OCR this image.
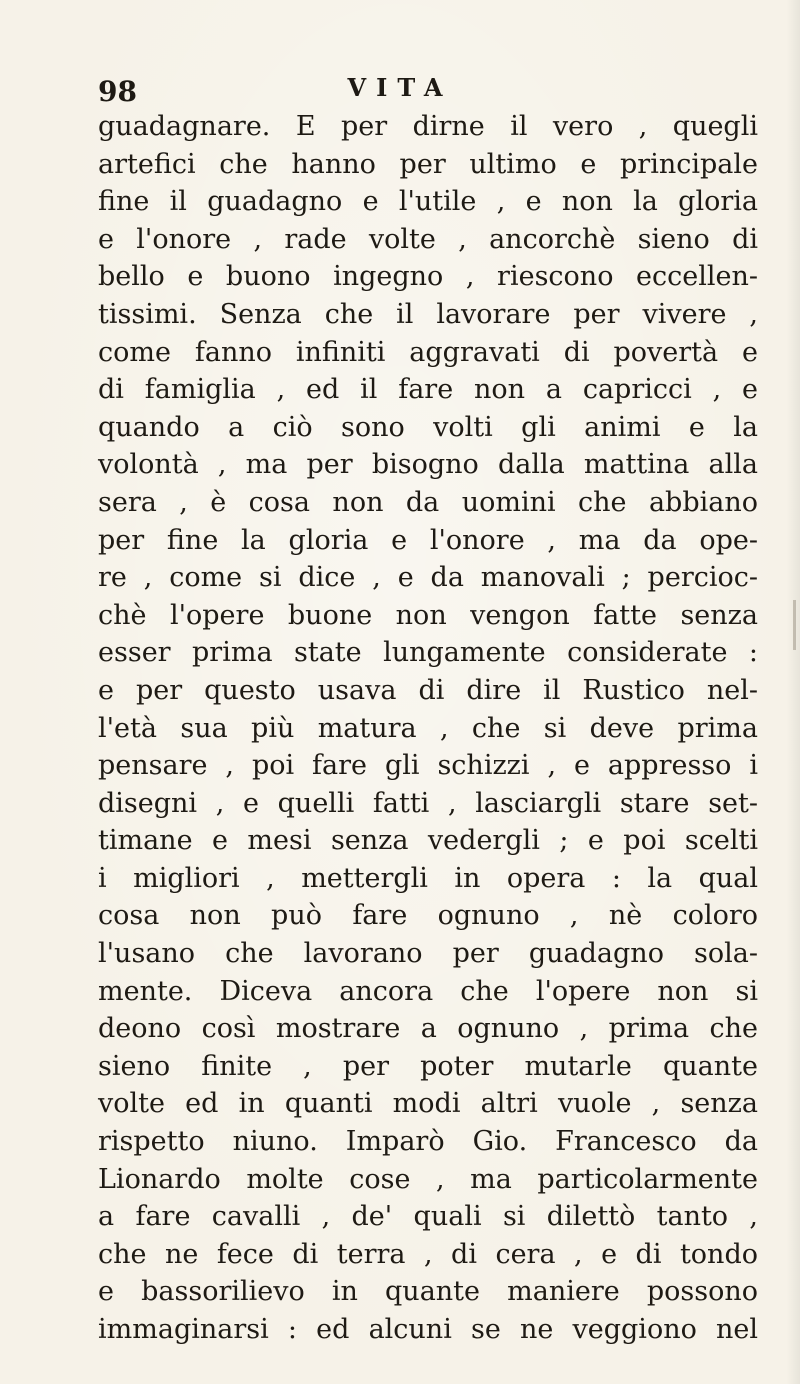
98	VITA
guadagnare. E per dirne il vero , quegli
artefici che hanno per ultimo e principale
fine il guadagno e l'utile , e non la gloria
e l'onore , rade volte , ancorchè sieno di
bello e buono ingegno , riescono eccellen-
tissimi. Senza che il lavorare per vivere ,
come fanno infiniti aggravati di povertà e
di famiglia , ed il fare non a capricci , e
quando a ciò sono volti gli animi e la
volontà , ma per bisogno dalla mattina alla
sera , è cosa non da uomini che abbiano
per fine la gloria e l'onore , ma da ope-
re , come si dice , e da manovali ; percioc-
chè l'opere buone non vengon fatte senza
esser prima state lungamente considerate :
e per questo usava di dire il Rustico nel-
l'età sua più matura , che si deve prima
pensare , poi fare gli schizzi , e appresso i
disegni , e quelli fatti , lasciargli stare set-
timane e mesi senza vedergli ; e poi scelti
i migliori , mettergli in opera : la qual
cosa non può fare ognuno , nè coloro
l'usano che lavorano per guadagno sola-
mente. Diceva ancora che l'opere non si
deono così mostrare a ognuno , prima che
sieno finite , per poter mutarle quante
volte ed in quanti modi altri vuole , senza
rispetto niuno. Imparò Gio. Francesco da
Lionardo molte cose , ma particolarmente
a fare cavalli , de' quali si dilettò tanto ,
che ne fece di terra , di cera , e di tondo
e bassorilievo in quante maniere possono
immaginarsi : ed alcuni se ne veggiono nel
